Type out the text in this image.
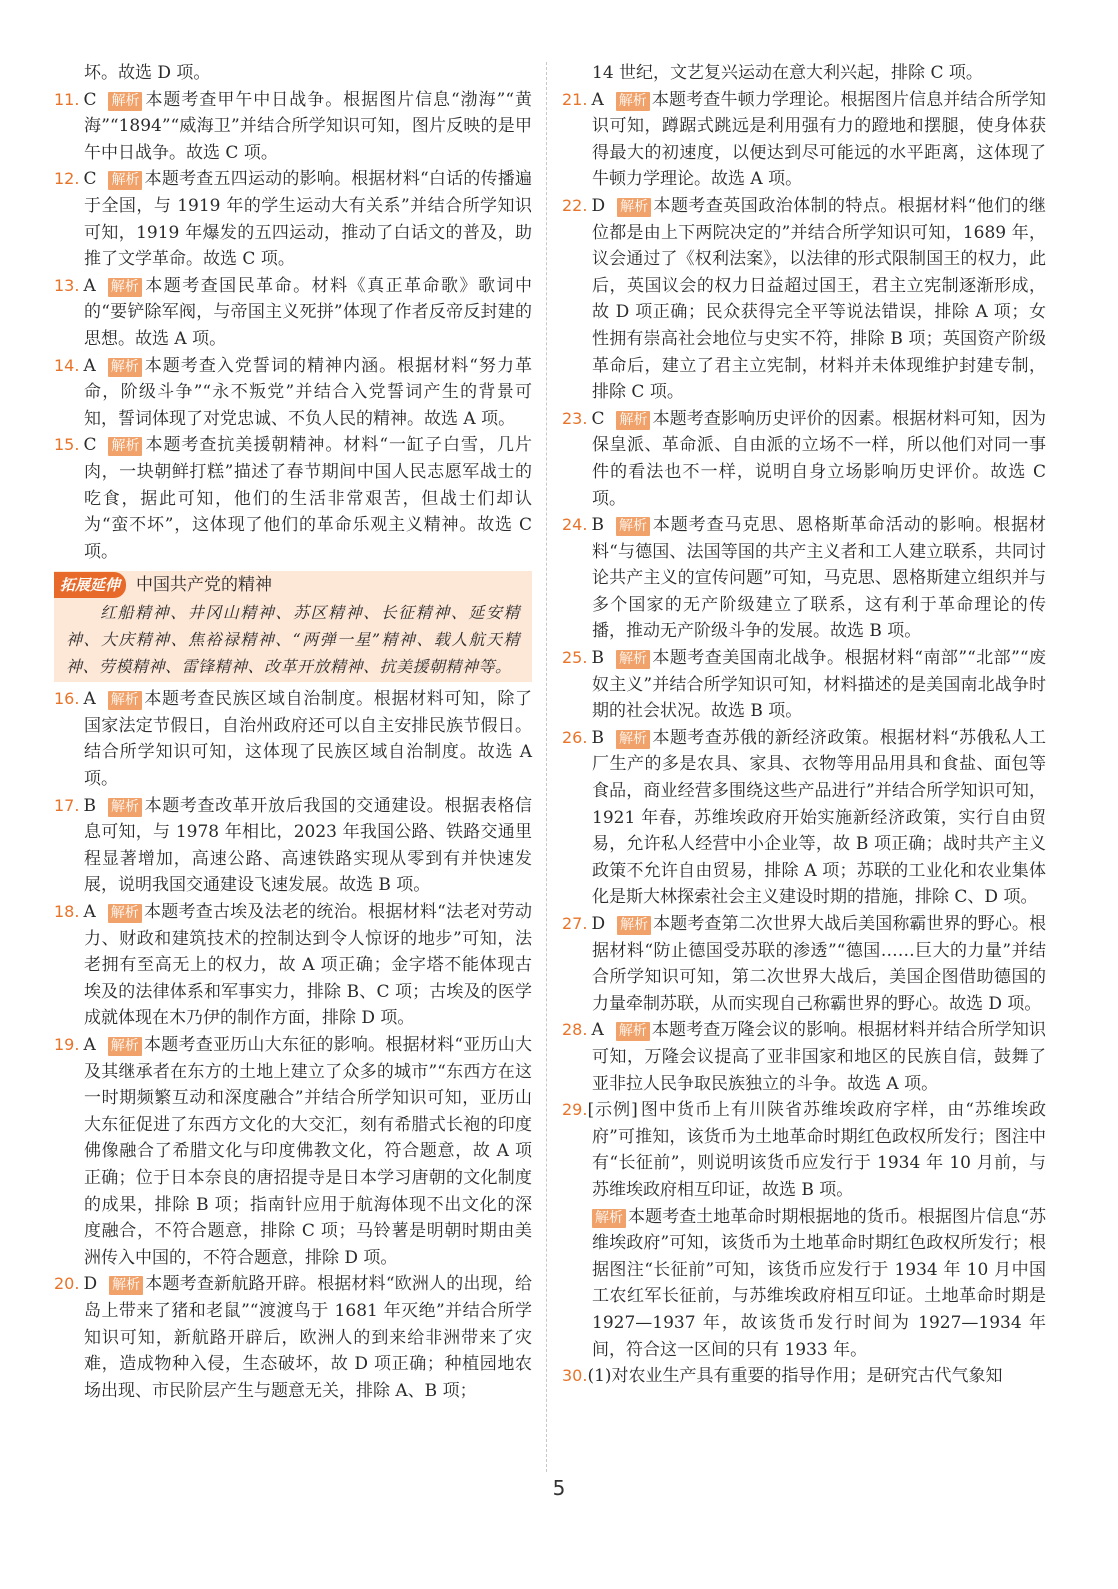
坏。故选 D 项。

11. C 解析 本题考查甲午中日战争。根据图片信息“渤海”“黄海”“1894”“威海卫”并结合所学知识可知，图片反映的是甲午中日战争。故选 C 项。

12. C 解析 本题考查五四运动的影响。根据材料“白话的传播遍于全国，与 1919 年的学生运动大有关系”并结合所学知识可知，1919 年爆发的五四运动，推动了白话文的普及，助推了文学革命。故选 C 项。

13. A 解析 本题考查国民革命。材料《真正革命歌》歌词中的“要铲除军阀，与帝国主义死拼”体现了作者反帝反封建的思想。故选 A 项。

14. A 解析 本题考查入党誓词的精神内涵。根据材料“努力革命，阶级斗争”“永不叛党”并结合入党誓词产生的背景可知，誓词体现了对党忠诚、不负人民的精神。故选 A 项。

15. C 解析 本题考查抗美援朝精神。材料“一缸子白雪，几片肉，一块朝鲜打糕”描述了春节期间中国人民志愿军战士的吃食，据此可知，他们的生活非常艰苦，但战士们却认为“蛮不坏”，这体现了他们的革命乐观主义精神。故选 C 项。

拓展延伸 中国共产党的精神
红船精神、井冈山精神、苏区精神、长征精神、延安精神、大庆精神、焦裕禄精神、“两弹一星”精神、载人航天精神、劳模精神、雷锋精神、改革开放精神、抗美援朝精神等。

16. A 解析 本题考查民族区域自治制度。根据材料可知，除了国家法定节假日，自治州政府还可以自主安排民族节假日。结合所学知识可知，这体现了民族区域自治制度。故选 A 项。

17. B 解析 本题考查改革开放后我国的交通建设。根据表格信息可知，与 1978 年相比，2023 年我国公路、铁路交通里程显著增加，高速公路、高速铁路实现从零到有并快速发展，说明我国交通建设飞速发展。故选 B 项。

18. A 解析 本题考查古埃及法老的统治。根据材料“法老对劳动力、财政和建筑技术的控制达到令人惊讶的地步”可知，法老拥有至高无上的权力，故 A 项正确；金字塔不能体现古埃及的法律体系和军事实力，排除 B、C 项；古埃及的医学成就体现在木乃伊的制作方面，排除 D 项。

19. A 解析 本题考查亚历山大东征的影响。根据材料“亚历山大及其继承者在东方的土地上建立了众多的城市”“东西方在这一时期频繁互动和深度融合”并结合所学知识可知，亚历山大东征促进了东西方文化的大交汇，刻有希腊式长袍的印度佛像融合了希腊文化与印度佛教文化，符合题意，故 A 项正确；位于日本奈良的唐招提寺是日本学习唐朝的文化制度的成果，排除 B 项；指南针应用于航海体现不出文化的深度融合，不符合题意，排除 C 项；马铃薯是明朝时期由美洲传入中国的，不符合题意，排除 D 项。

20. D 解析 本题考查新航路开辟。根据材料“欧洲人的出现，给岛上带来了猪和老鼠”“渡渡鸟于 1681 年灭绝”并结合所学知识可知，新航路开辟后，欧洲人的到来给非洲带来了灾难，造成物种入侵，生态破坏，故 D 项正确；种植园地农场出现、市民阶层产生与题意无关，排除 A、B 项；

14 世纪，文艺复兴运动在意大利兴起，排除 C 项。

21. A 解析 本题考查牛顿力学理论。根据图片信息并结合所学知识可知，蹲踞式跳远是利用强有力的蹬地和摆腿，使身体获得最大的初速度，以便达到尽可能远的水平距离，这体现了牛顿力学理论。故选 A 项。

22. D 解析 本题考查英国政治体制的特点。根据材料“他们的继位都是由上下两院决定的”并结合所学知识可知，1689 年，议会通过了《权利法案》，以法律的形式限制国王的权力，此后，英国议会的权力日益超过国王，君主立宪制逐渐形成，故 D 项正确；民众获得完全平等说法错误，排除 A 项；女性拥有崇高社会地位与史实不符，排除 B 项；英国资产阶级革命后，建立了君主立宪制，材料并未体现维护封建专制，排除 C 项。

23. C 解析 本题考查影响历史评价的因素。根据材料可知，因为保皇派、革命派、自由派的立场不一样，所以他们对同一事件的看法也不一样，说明自身立场影响历史评价。故选 C 项。

24. B 解析 本题考查马克思、恩格斯革命活动的影响。根据材料“与德国、法国等国的共产主义者和工人建立联系，共同讨论共产主义的宣传问题”可知，马克思、恩格斯建立组织并与多个国家的无产阶级建立了联系，这有利于革命理论的传播，推动无产阶级斗争的发展。故选 B 项。

25. B 解析 本题考查美国南北战争。根据材料“南部”“北部”“废奴主义”并结合所学知识可知，材料描述的是美国南北战争时期的社会状况。故选 B 项。

26. B 解析 本题考查苏俄的新经济政策。根据材料“苏俄私人工厂生产的多是农具、家具、衣物等用品用具和食盐、面包等食品，商业经营多围绕这些产品进行”并结合所学知识可知，1921 年春，苏维埃政府开始实施新经济政策，实行自由贸易，允许私人经营中小企业等，故 B 项正确；战时共产主义政策不允许自由贸易，排除 A 项；苏联的工业化和农业集体化是斯大林探索社会主义建设时期的措施，排除 C、D 项。

27. D 解析 本题考查第二次世界大战后美国称霸世界的野心。根据材料“防止德国受苏联的渗透”“德国……巨大的力量”并结合所学知识可知，第二次世界大战后，美国企图借助德国的力量牵制苏联，从而实现自己称霸世界的野心。故选 D 项。

28. A 解析 本题考查万隆会议的影响。根据材料并结合所学知识可知，万隆会议提高了亚非国家和地区的民族自信，鼓舞了亚非拉人民争取民族独立的斗争。故选 A 项。

29.[示例] 图中货币上有川陕省苏维埃政府字样，由“苏维埃政府”可推知，该货币为土地革命时期红色政权所发行；图注中有“长征前”，则说明该货币应发行于 1934 年 10 月前，与苏维埃政府相互印证，故选 B 项。

解析 本题考查土地革命时期根据地的货币。根据图片信息“苏维埃政府”可知，该货币为土地革命时期红色政权所发行；根据图注“长征前”可知，该货币应发行于 1934 年 10 月中国工农红军长征前，与苏维埃政府相互印证。土地革命时期是 1927—1937 年，故该货币发行时间为 1927—1934 年间，符合这一区间的只有 1933 年。

30.(1)对农业生产具有重要的指导作用；是研究古代气象知

5
